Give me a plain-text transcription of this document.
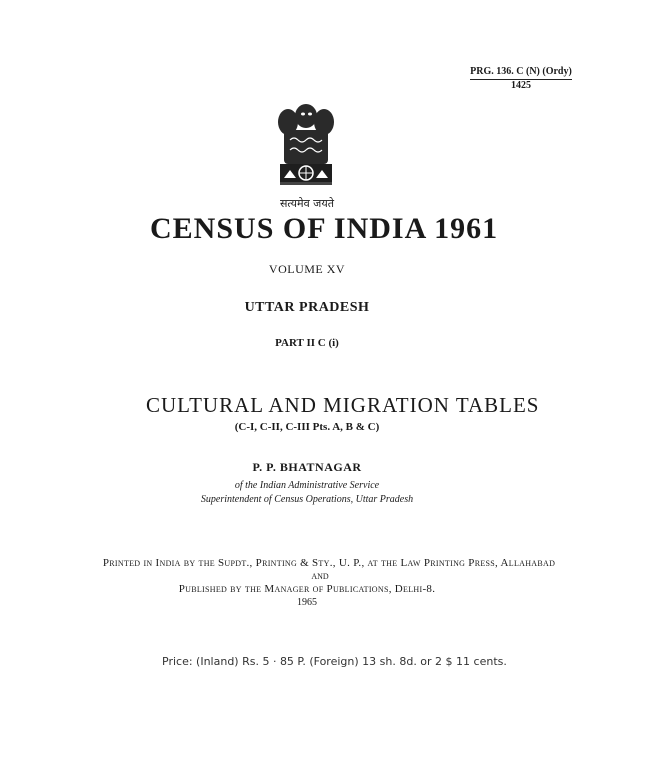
PRG. 136. C (N) (Ordy)
1425
सत्यमेव जयते
CENSUS OF INDIA 1961
VOLUME XV
UTTAR PRADESH
PART II C (i)
CULTURAL AND MIGRATION TABLES
(C-I, C-II, C-III Pts. A, B & C)
P. P. BHATNAGAR
of the Indian Administrative Service
Superintendent of Census Operations, Uttar Pradesh
Printed in India by the Supdt., Printing & Sty., U. P., at the Law Printing Press, Allahabad
AND
Published by the Manager of Publications, Delhi-8.
1965
Price: (Inland) Rs. 5 · 85 P. (Foreign) 13 sh. 8d. or 2 $ 11 cents.
